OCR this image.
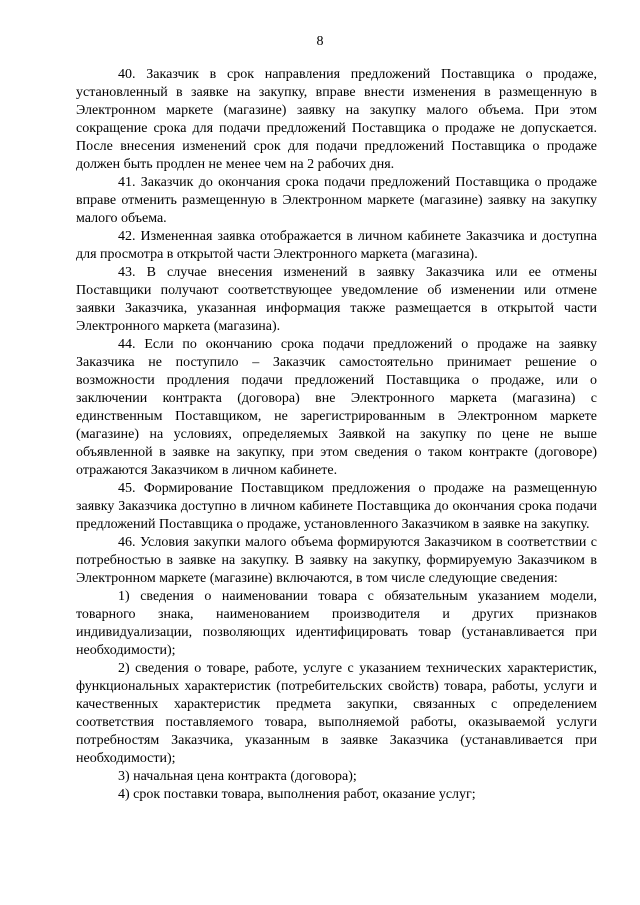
8

40. Заказчик в срок направления предложений Поставщика о продаже, установленный в заявке на закупку, вправе внести изменения в размещенную в Электронном маркете (магазине) заявку на закупку малого объема. При этом сокращение срока для подачи предложений Поставщика о продаже не допускается. После внесения изменений срок для подачи предложений Поставщика о продаже должен быть продлен не менее чем на 2 рабочих дня.

41. Заказчик до окончания срока подачи предложений Поставщика о продаже вправе отменить размещенную в Электронном маркете (магазине) заявку на закупку малого объема.

42. Измененная заявка отображается в личном кабинете Заказчика и доступна для просмотра в открытой части Электронного маркета (магазина).

43. В случае внесения изменений в заявку Заказчика или ее отмены Поставщики получают соответствующее уведомление об изменении или отмене заявки Заказчика, указанная информация также размещается в открытой части Электронного маркета (магазина).

44. Если по окончанию срока подачи предложений о продаже на заявку Заказчика не поступило – Заказчик самостоятельно принимает решение о возможности продления подачи предложений Поставщика о продаже, или о заключении контракта (договора) вне Электронного маркета (магазина) с единственным Поставщиком, не зарегистрированным в Электронном маркете (магазине) на условиях, определяемых Заявкой на закупку по цене не выше объявленной в заявке на закупку, при этом сведения о таком контракте (договоре) отражаются Заказчиком в личном кабинете.

45. Формирование Поставщиком предложения о продаже на размещенную заявку Заказчика доступно в личном кабинете Поставщика до окончания срока подачи предложений Поставщика о продаже, установленного Заказчиком в заявке на закупку.

46. Условия закупки малого объема формируются Заказчиком в соответствии с потребностью в заявке на закупку. В заявку на закупку, формируемую Заказчиком в Электронном маркете (магазине) включаются, в том числе следующие сведения:

1) сведения о наименовании товара с обязательным указанием модели, товарного знака, наименованием производителя и других признаков индивидуализации, позволяющих идентифицировать товар (устанавливается при необходимости);

2) сведения о товаре, работе, услуге с указанием технических характеристик, функциональных характеристик (потребительских свойств) товара, работы, услуги и качественных характеристик предмета закупки, связанных с определением соответствия поставляемого товара, выполняемой работы, оказываемой услуги потребностям Заказчика, указанным в заявке Заказчика (устанавливается при необходимости);

3) начальная цена контракта (договора);

4) срок поставки товара, выполнения работ, оказание услуг;
